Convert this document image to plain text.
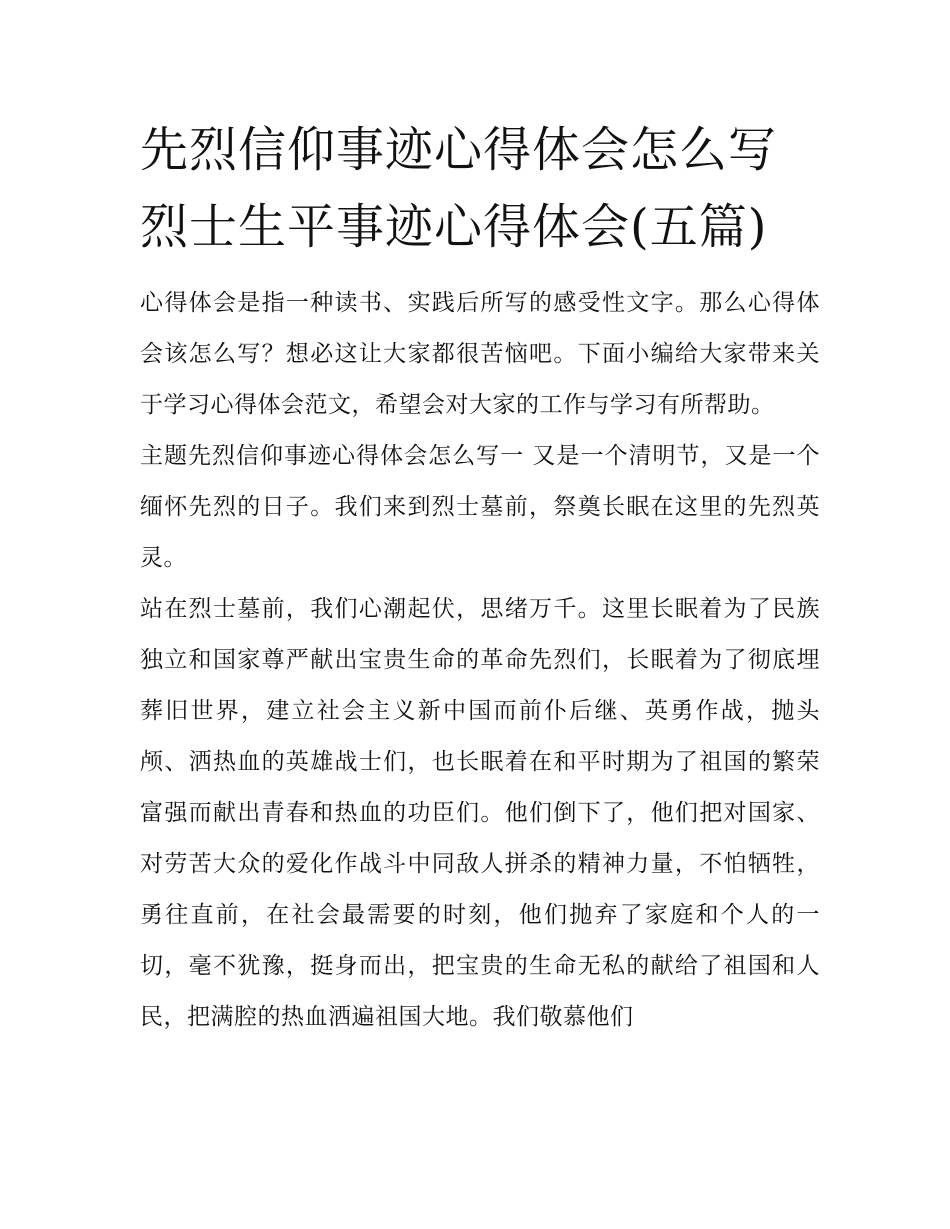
先烈信仰事迹心得体会怎么写
烈士生平事迹心得体会(五篇)

心得体会是指一种读书、实践后所写的感受性文字。那么心得体会该怎么写？想必这让大家都很苦恼吧。下面小编给大家带来关于学习心得体会范文，希望会对大家的工作与学习有所帮助。

主题先烈信仰事迹心得体会怎么写一 又是一个清明节，又是一个缅怀先烈的日子。我们来到烈士墓前，祭奠长眠在这里的先烈英灵。

站在烈士墓前，我们心潮起伏，思绪万千。这里长眠着为了民族独立和国家尊严献出宝贵生命的革命先烈们，长眠着为了彻底埋葬旧世界，建立社会主义新中国而前仆后继、英勇作战，抛头颅、洒热血的英雄战士们，也长眠着在和平时期为了祖国的繁荣富强而献出青春和热血的功臣们。他们倒下了，他们把对国家、对劳苦大众的爱化作战斗中同敌人拼杀的精神力量，不怕牺牲，勇往直前，在社会最需要的时刻，他们抛弃了家庭和个人的一切，毫不犹豫，挺身而出，把宝贵的生命无私的献给了祖国和人民，把满腔的热血洒遍祖国大地。我们敬慕他们
